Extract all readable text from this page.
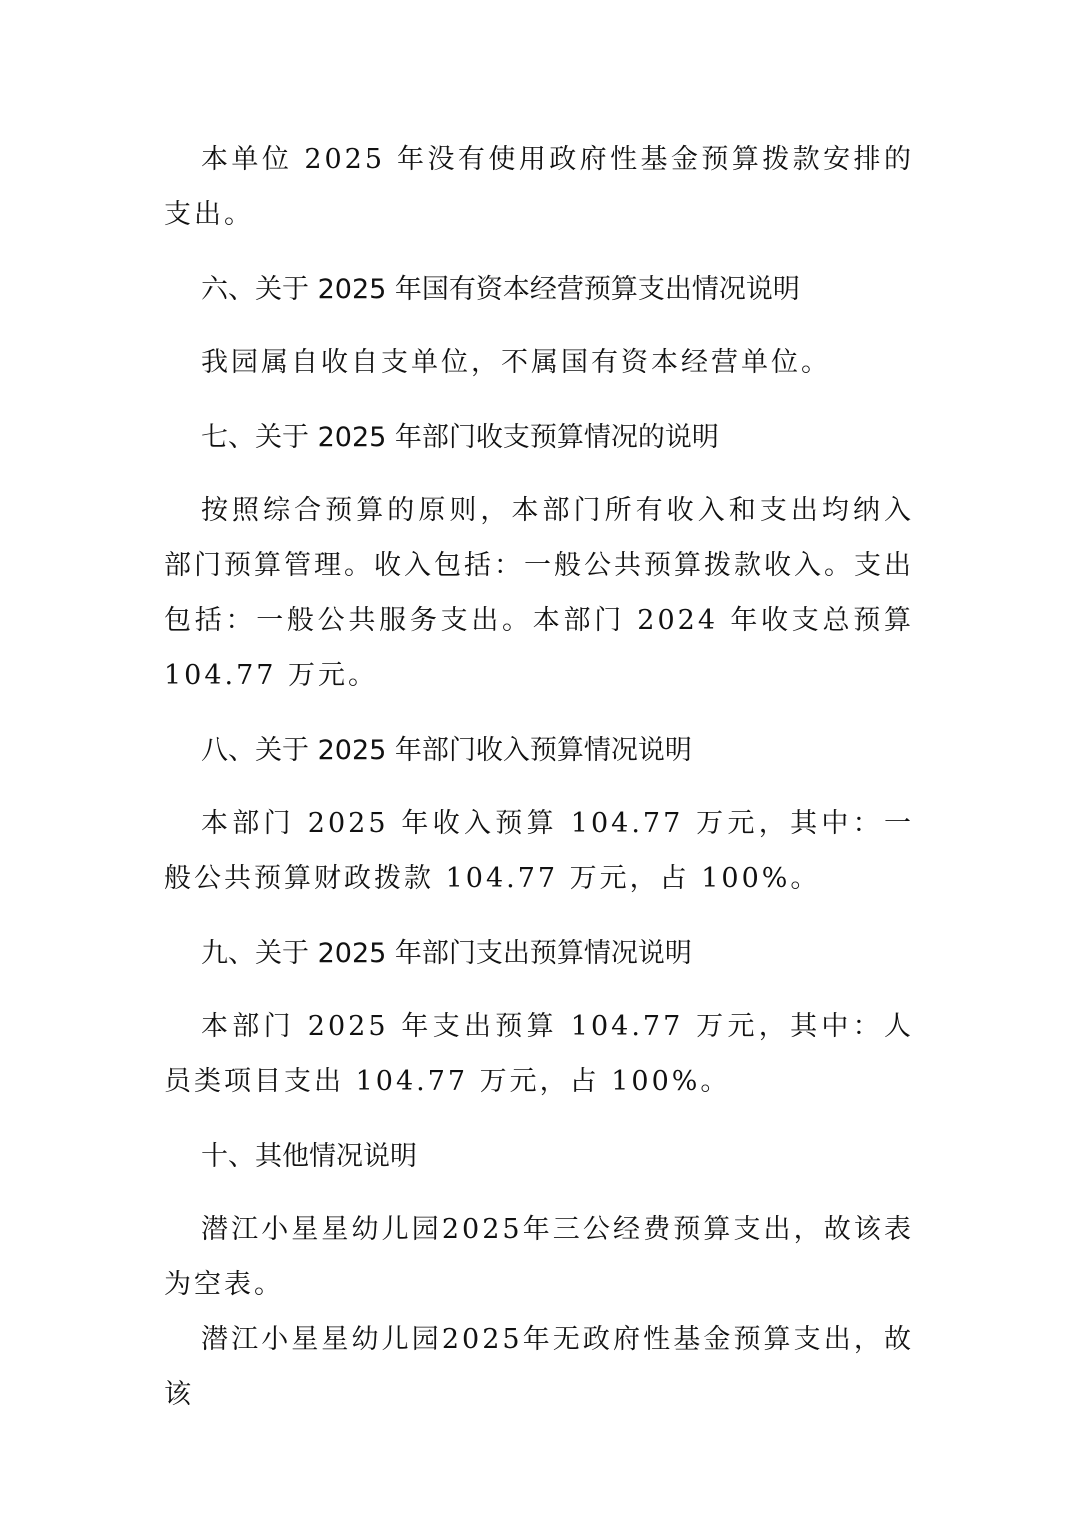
本单位 2025 年没有使用政府性基金预算拨款安排的支出。

六、关于 2025 年国有资本经营预算支出情况说明

我园属自收自支单位，不属国有资本经营单位。

七、关于 2025 年部门收支预算情况的说明

按照综合预算的原则，本部门所有收入和支出均纳入部门预算管理。收入包括：一般公共预算拨款收入。支出包括：一般公共服务支出。本部门 2024 年收支总预算 104.77 万元。

八、关于 2025 年部门收入预算情况说明

本部门 2025 年收入预算 104.77 万元，其中：一般公共预算财政拨款 104.77 万元，占 100%。

九、关于 2025 年部门支出预算情况说明

本部门 2025 年支出预算 104.77 万元，其中：人员类项目支出 104.77 万元，占 100%。

十、其他情况说明

潜江小星星幼儿园2025年三公经费预算支出，故该表为空表。

潜江小星星幼儿园2025年无政府性基金预算支出，故该
